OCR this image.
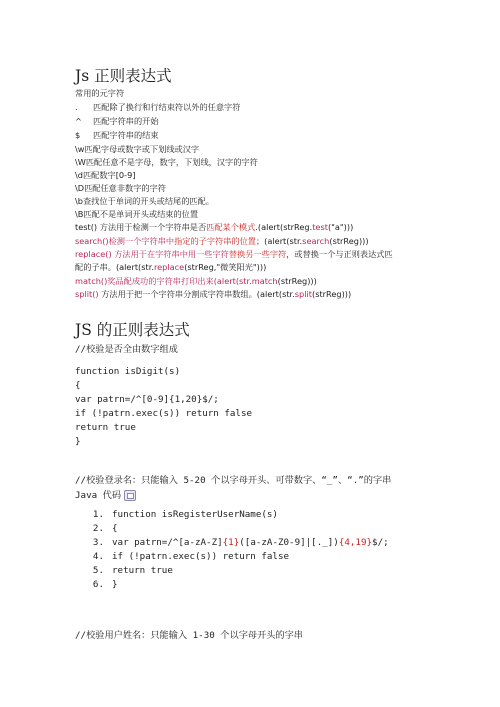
Js 正则表达式
常用的元字符
． 匹配除了换行和行结束符以外的任意字符
^ 匹配字符串的开始
$ 匹配字符串的结束
\w匹配字母或数字或下划线或汉字
\W匹配任意不是字母，数字，下划线，汉字的字符
\d匹配数字[0-9]
\D匹配任意非数字的字符
\b查找位于单词的开头或结尾的匹配。
\B匹配不是单词开头或结束的位置
test() 方法用于检测一个字符串是否匹配某个模式.(alert(strReg.test("a")))
search()检测一个字符串中指定的子字符串的位置；(alert(str.search(strReg)))
replace() 方法用于在字符串中用一些字符替换另一些字符，或替换一个与正则表达式匹
配的子串。(alert(str.replace(strReg,"微笑阳光")))
match()奖品配成功的字符串打印出来(alert(str.match(strReg)))
split() 方法用于把一个字符串分割成字符串数组。(alert(str.split(strReg)))
JS 的正则表达式
//校验是否全由数字组成
function isDigit(s)
{
var patrn=/^[0-9]{1,20}$/;
if (!patrn.exec(s)) return false
return true
}
//校验登录名：只能输入 5-20 个以字母开头、可带数字、“_”、“.”的字串
Java 代码
1. function isRegisterUserName(s)
2. {
3. var patrn=/^[a-zA-Z]{1}([a-zA-Z0-9]|[._]){4,19}$/;
4. if (!patrn.exec(s)) return false
5. return true
6. }
//校验用户姓名：只能输入 1-30 个以字母开头的字串
